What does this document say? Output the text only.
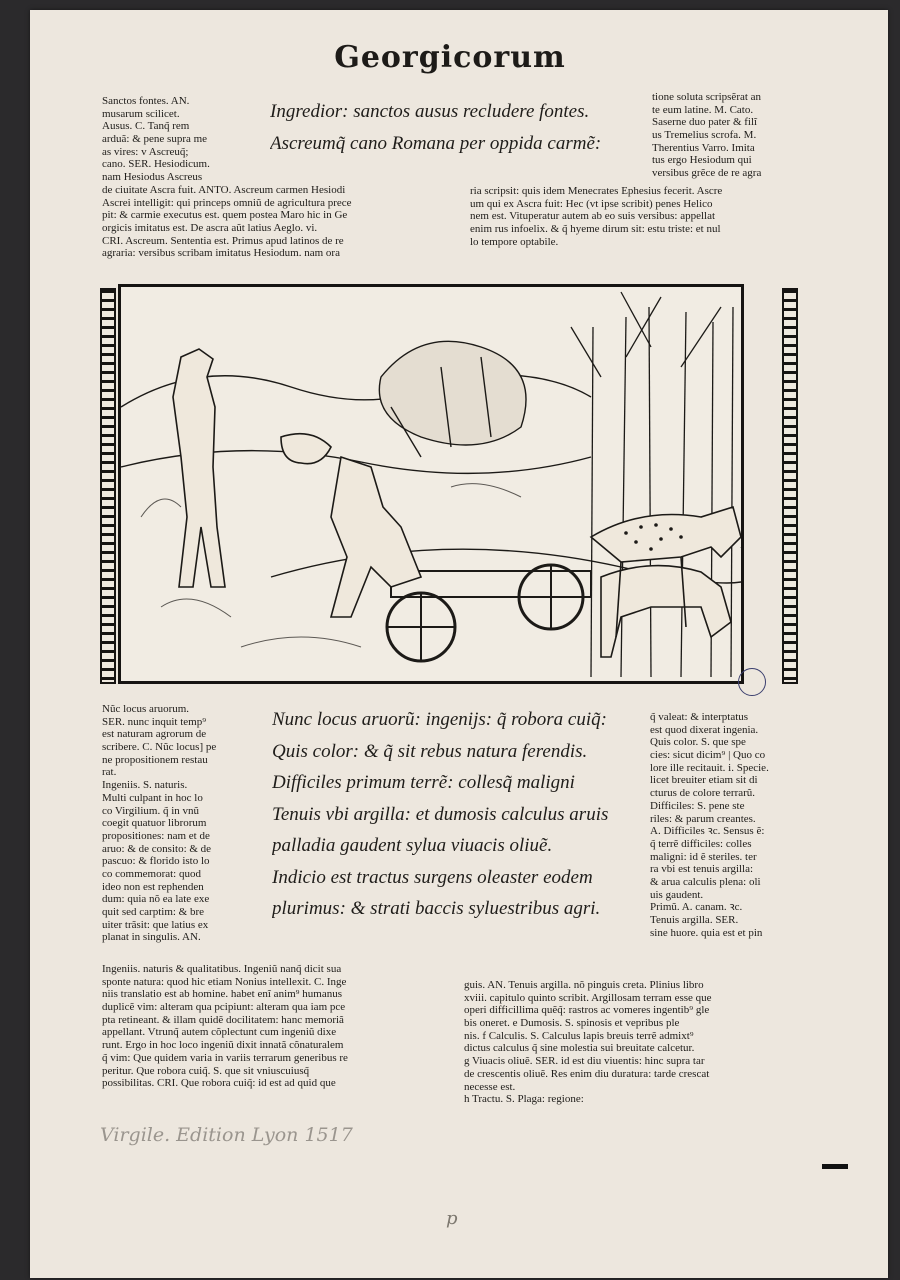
Georgicorum
Sanctos fontes. AN.
musarum scilicet.
Ausus. C. Tanq̃ rem
arduã: & pene supra me
as vires: v Ascreuq̃;
cano. SER. Hesiodicum.
nam Hesiodus Ascreus
de ciuitate Ascra fuit. ANTO. Ascreum carmen Hesiodi
Ascrei intelligit: qui princeps omniũ de agricultura prece
pit: & carmie executus est. quem postea Maro hic in Ge
orgicis imitatus est. De ascra aũt latius Aeglo. vi.
CRI. Ascreum. Sententia est. Primus apud latinos de re
agraria: versibus scribam imitatus Hesiodum. nam ora
Ingredior: sanctos ausus recludere fontes.
Ascreumq̃ cano Romana per oppida carmẽ:
tione soluta scripsẽrat an
te eum latine. M. Cato.
Saserne duo pater & filĩ
us Tremelius scrofa. M.
Therentius Varro. Imita
tus ergo Hesiodum qui
versibus grẽce de re agra
ria scripsit: quis idem Menecrates Ephesius fecerit. Ascre
um qui ex Ascra fuit: Hec (vt ipse scribit) penes Helico
nem est. Vituperatur autem ab eo suis versibus: appellat
enim rus infoelix. & q̃ hyeme dirum sit: estu triste: et nul
lo tempore optabile.
Nũc locus aruorum.
SER. nunc inquit temp⁹
est naturam agrorum de
scribere. C. Nũc locus] pe
ne propositionem restau
rat.
Ingeniis. S. naturis.
Multi culpant in hoc lo
co Virgilium. q̃ in vnũ
coegit quatuor librorum
propositiones: nam et de
aruo: & de consito: & de
pascuo: & florido isto lo
co commemorat: quod
ideo non est rephenden
dum: quia nõ ea late exe
quit sed carptim: & bre
uiter trãsit: que latius ex
planat in singulis. AN.
Nunc locus aruorũ: ingenijs: q̃ robora cuiq̃:
Quis color: & q̃ sit rebus natura ferendis.
Difficiles primum terrẽ: collesq̃ maligni
Tenuis vbi argilla: et dumosis calculus aruis
palladia gaudent sylua viuacis oliuẽ.
Indicio est tractus surgens oleaster eodem
plurimus: & strati baccis syluestribus agri.
q̃ valeat: & interptatus
est quod dixerat ingenia.
Quis color. S. que spe
cies: sicut dicim⁹ | Quo co
lore ille recitauit. i. Specie.
licet breuiter etiam sit di
cturus de colore terrarũ.
Difficiles: S. pene ste
riles: & parum creantes.
A. Difficiles ꝛc. Sensus ẽ:
q̃ terrẽ difficiles: colles
maligni: id ẽ steriles. ter
ra vbi est tenuis argilla:
& arua calculis plena: oli
uis gaudent.
Primũ. A. canam. ꝛc.
Tenuis argilla. SER.
sine huore. quia est et pin
Ingeniis. naturis & qualitatibus. Ingeniũ nanq̃ dicit sua
sponte natura: quod hic etiam Nonius intellexit. C. Inge
niis translatio est ab homine. habet enĩ anim⁹ humanus
duplicẽ vim: alteram qua pcipiunt: alteram qua iam pce
pta retineant. & illam quidẽ docilitatem: hanc memoriã
appellant. Vtrunq̃ autem cõplectunt cum ingeniũ dixe
runt. Ergo in hoc loco ingeniũ dixit innatã cõnaturalem
q̃ vim: Que quidem varia in variis terrarum generibus re
peritur. Que robora cuiq̃. S. que sit vniuscuiusq̃
possibilitas. CRI. Que robora cuiq̃: id est ad quid que
guis. AN. Tenuis argilla. nõ pinguis creta. Plinius libro
xviii. capitulo quinto scribit. Argillosam terram esse que
operi difficillima quẽq̃: rastros ac vomeres ingentib⁹ gle
bis oneret. e Dumosis. S. spinosis et vepribus ple
nis. f Calculis. S. Calculus lapis breuis terrẽ admixt⁹
dictus calculus q̃ sine molestia sui breuitate calcetur.
g Viuacis oliuẽ. SER. id est diu viuentis: hinc supra tar
de crescentis oliuẽ. Res enim diu duratura: tarde crescat
necesse est.
h Tractu. S. Plaga: regione:
Virgile. Edition Lyon 1517
p
